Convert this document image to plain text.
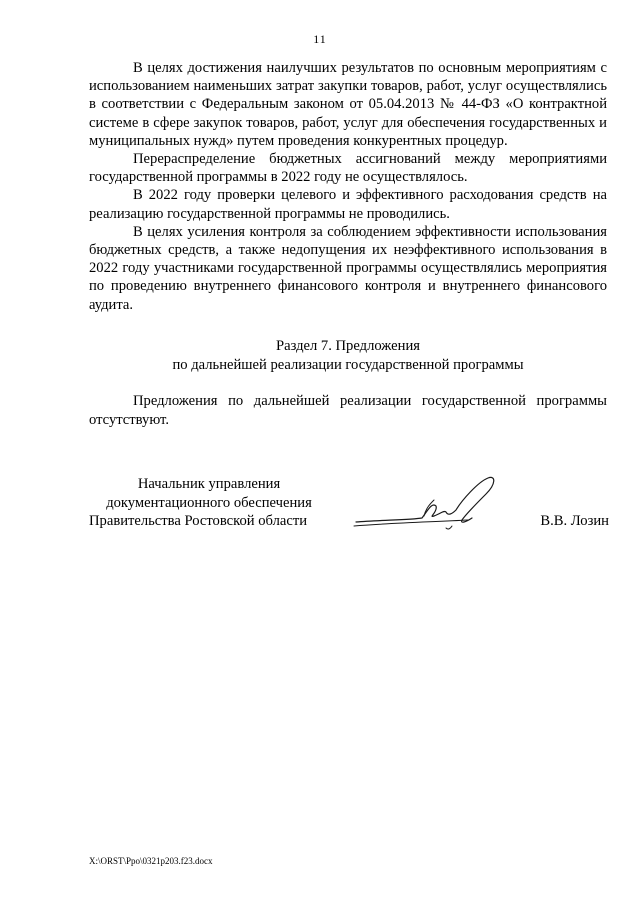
11

В целях достижения наилучших результатов по основным мероприятиям с использованием наименьших затрат закупки товаров, работ, услуг осуществлялись в соответствии с Федеральным законом от 05.04.2013 № 44-ФЗ «О контрактной системе в сфере закупок товаров, работ, услуг для обеспечения государственных и муниципальных нужд» путем проведения конкурентных процедур.

Перераспределение бюджетных ассигнований между мероприятиями государственной программы в 2022 году не осуществлялось.

В 2022 году проверки целевого и эффективного расходования средств на реализацию государственной программы не проводились.

В целях усиления контроля за соблюдением эффективности использования бюджетных средств, а также недопущения их неэффективного использования в 2022 году участниками государственной программы осуществлялись мероприятия по проведению внутреннего финансового контроля и внутреннего финансового аудита.

Раздел 7. Предложения
по дальнейшей реализации государственной программы

Предложения по дальнейшей реализации государственной программы отсутствуют.

Начальник управления
документационного обеспечения
Правительства Ростовской области	В.В. Лозин
X:\ORST\Ppo\0321p203.f23.docx
